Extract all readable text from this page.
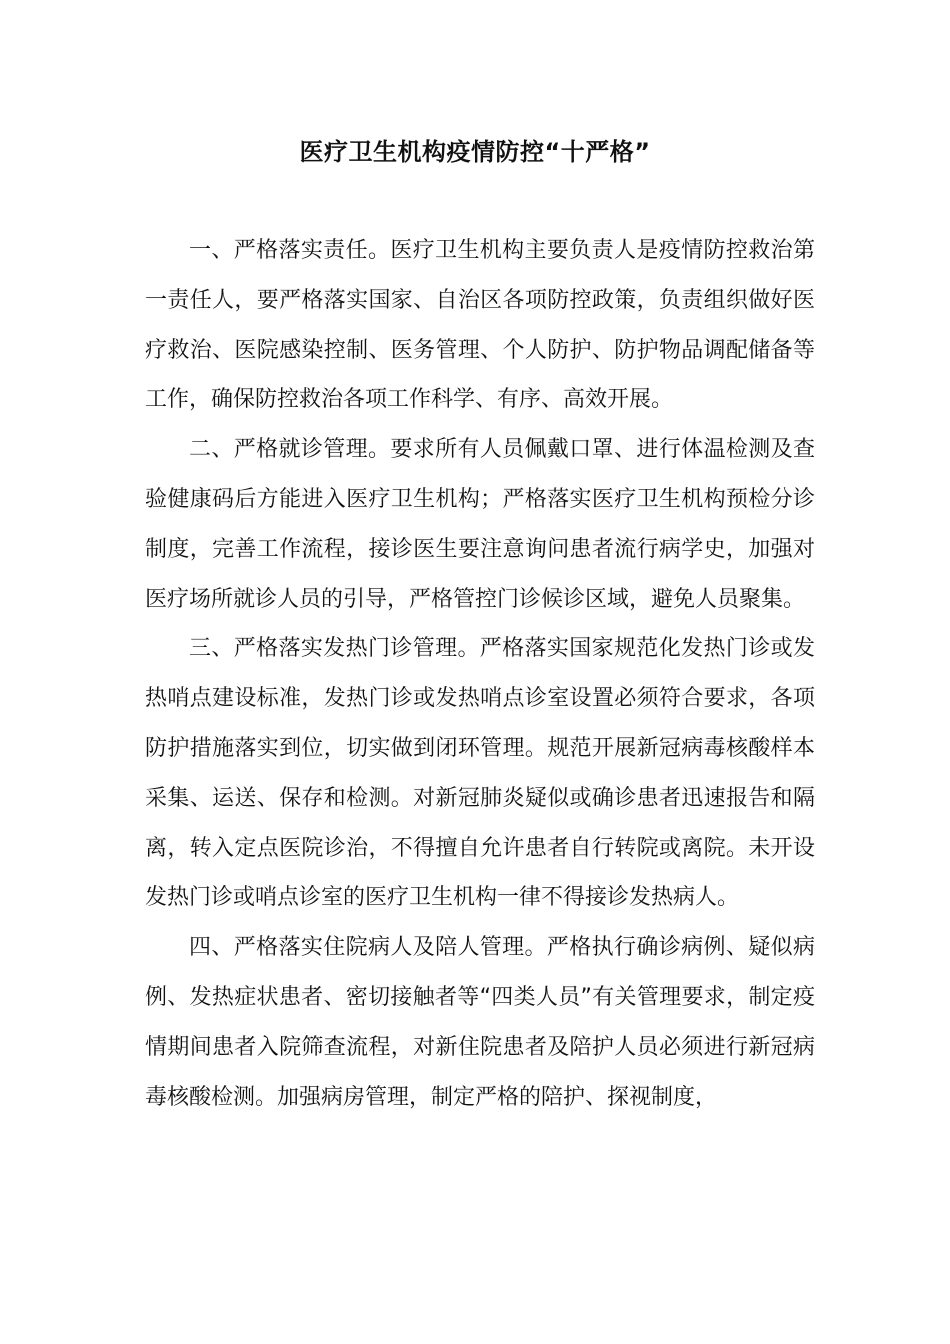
医疗卫生机构疫情防控“十严格”

一、严格落实责任。医疗卫生机构主要负责人是疫情防控救治第一责任人，要严格落实国家、自治区各项防控政策，负责组织做好医疗救治、医院感染控制、医务管理、个人防护、防护物品调配储备等工作，确保防控救治各项工作科学、有序、高效开展。

二、严格就诊管理。要求所有人员佩戴口罩、进行体温检测及查验健康码后方能进入医疗卫生机构；严格落实医疗卫生机构预检分诊制度，完善工作流程，接诊医生要注意询问患者流行病学史，加强对医疗场所就诊人员的引导，严格管控门诊候诊区域，避免人员聚集。

三、严格落实发热门诊管理。严格落实国家规范化发热门诊或发热哨点建设标准，发热门诊或发热哨点诊室设置必须符合要求，各项防护措施落实到位，切实做到闭环管理。规范开展新冠病毒核酸样本采集、运送、保存和检测。对新冠肺炎疑似或确诊患者迅速报告和隔离，转入定点医院诊治，不得擅自允许患者自行转院或离院。未开设发热门诊或哨点诊室的医疗卫生机构一律不得接诊发热病人。

四、严格落实住院病人及陪人管理。严格执行确诊病例、疑似病例、发热症状患者、密切接触者等“四类人员”有关管理要求，制定疫情期间患者入院筛查流程，对新住院患者及陪护人员必须进行新冠病毒核酸检测。加强病房管理，制定严格的陪护、探视制度，
